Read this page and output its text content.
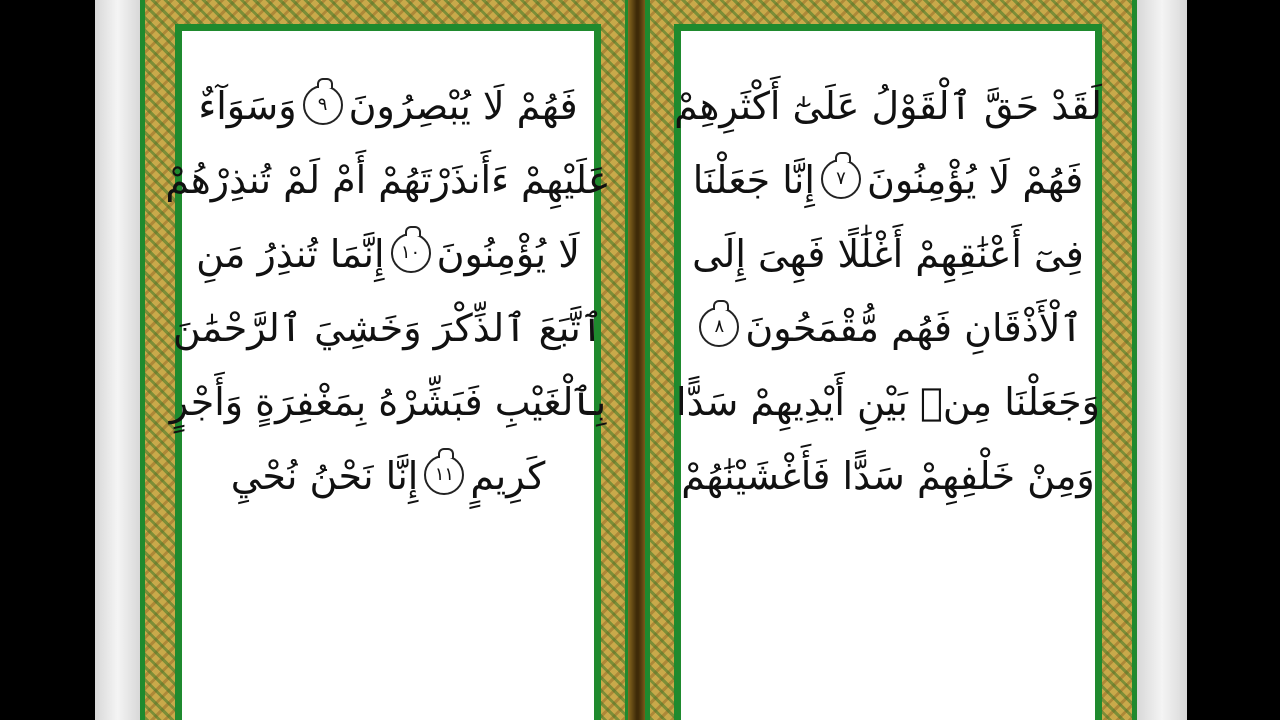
فَهُمْ لَا يُبْصِرُونَ٩وَسَوَآءٌ
عَلَيْهِمْ ءَأَنذَرْتَهُمْ أَمْ لَمْ تُنذِرْهُمْ
لَا يُؤْمِنُونَ١٠إِنَّمَا تُنذِرُ مَنِ
ٱتَّبَعَ ٱلذِّكْرَ وَخَشِيَ ٱلرَّحْمَٰنَ
بِٱلْغَيْبِ فَبَشِّرْهُ بِمَغْفِرَةٍ وَأَجْرٍ
كَرِيمٍ١١إِنَّا نَحْنُ نُحْيِ
لَقَدْ حَقَّ ٱلْقَوْلُ عَلَىٰٓ أَكْثَرِهِمْ
فَهُمْ لَا يُؤْمِنُونَ٧إِنَّا جَعَلْنَا
فِىٓ أَعْنَٰقِهِمْ أَغْلَٰلًا فَهِىَ إِلَى
ٱلْأَذْقَانِ فَهُم مُّقْمَحُونَ٨
وَجَعَلْنَا مِنۢ بَيْنِ أَيْدِيهِمْ سَدًّا
وَمِنْ خَلْفِهِمْ سَدًّا فَأَغْشَيْنَٰهُمْ
